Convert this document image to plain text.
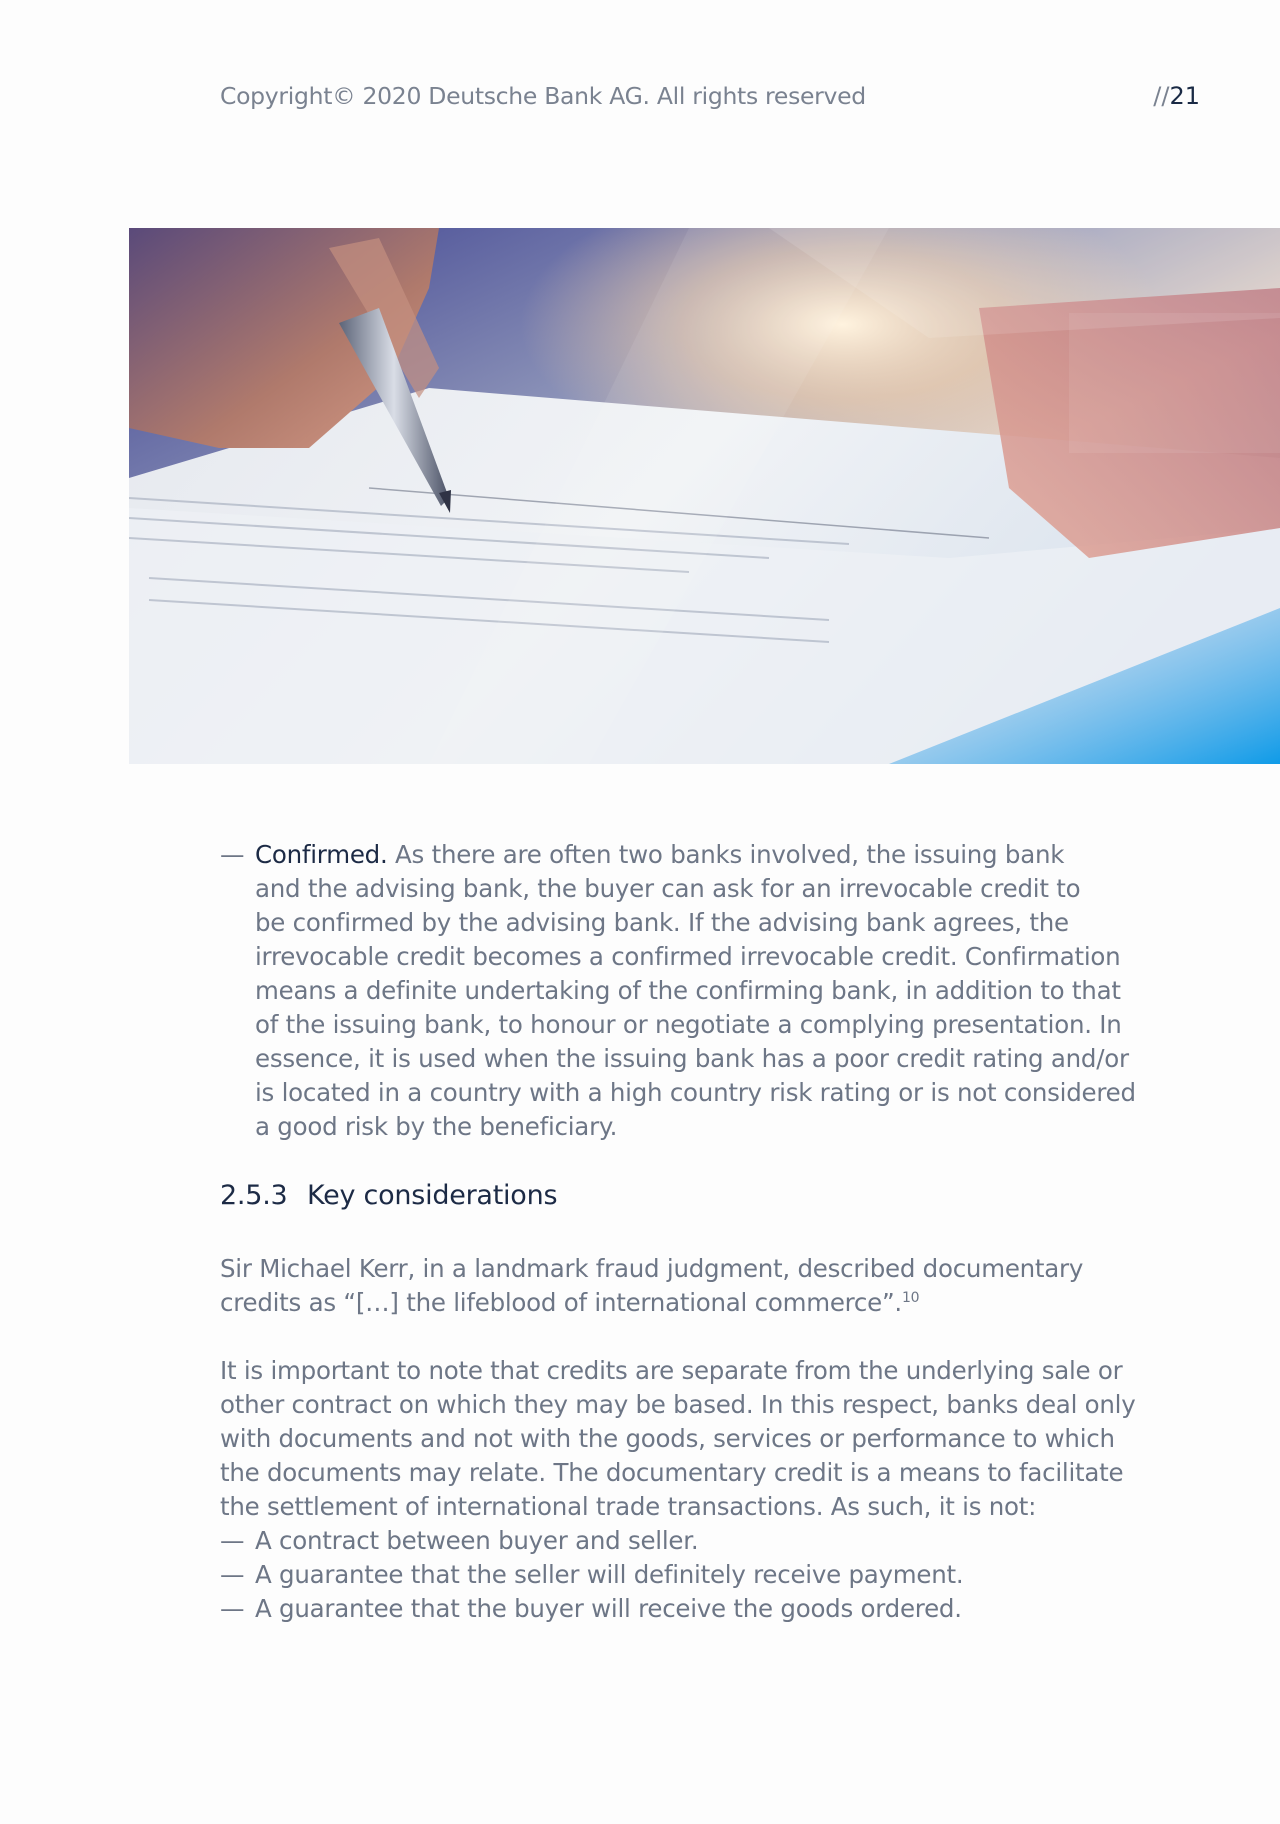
Copyright© 2020 Deutsche Bank AG. All rights reserved	//21
— Confirmed. As there are often two banks involved, the issuing bank
and the advising bank, the buyer can ask for an irrevocable credit to
be confirmed by the advising bank. If the advising bank agrees, the
irrevocable credit becomes a confirmed irrevocable credit. Confirmation
means a definite undertaking of the confirming bank, in addition to that
of the issuing bank, to honour or negotiate a complying presentation. In
essence, it is used when the issuing bank has a poor credit rating and/or
is located in a country with a high country risk rating or is not considered
a good risk by the beneficiary.
2.5.3 Key considerations
Sir Michael Kerr, in a landmark fraud judgment, described documentary
credits as “[…] the lifeblood of international commerce”.$^{10}$
It is important to note that credits are separate from the underlying sale or
other contract on which they may be based. In this respect, banks deal only
with documents and not with the goods, services or performance to which
the documents may relate. The documentary credit is a means to facilitate
the settlement of international trade transactions. As such, it is not:
— A contract between buyer and seller.
— A guarantee that the seller will definitely receive payment.
— A guarantee that the buyer will receive the goods ordered.
